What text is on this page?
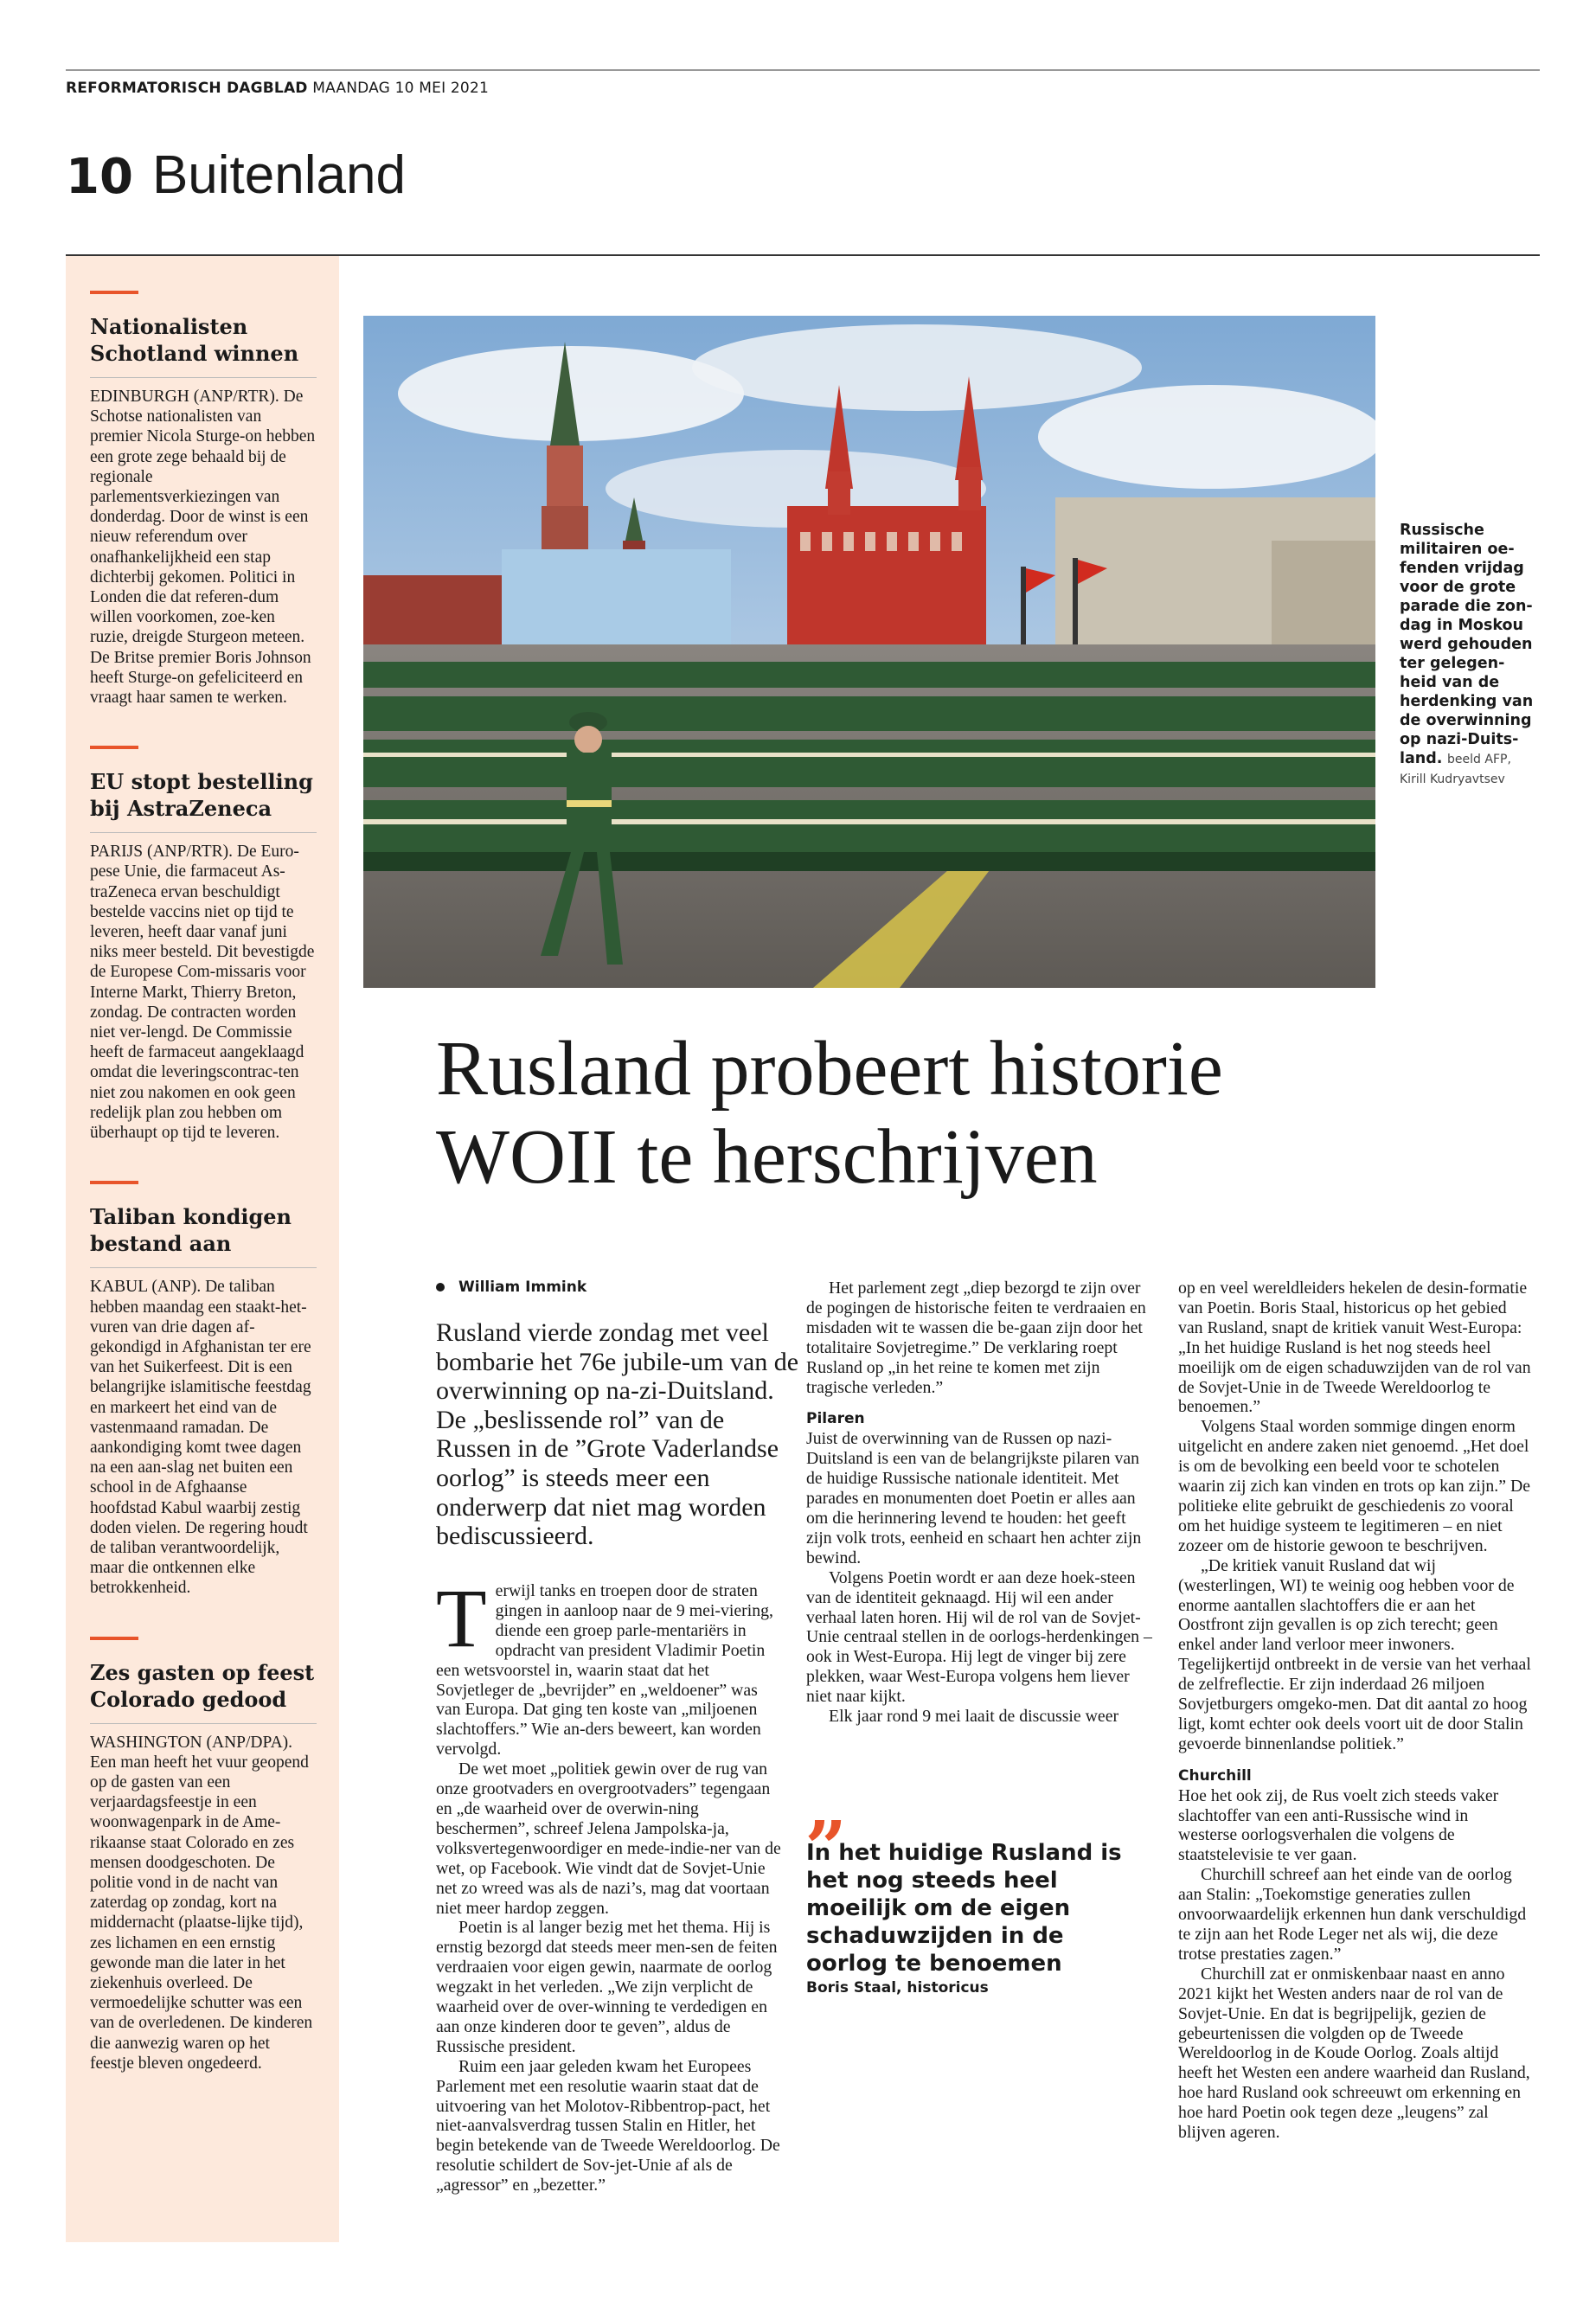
REFORMATORISCH DAGBLAD MAANDAG 10 MEI 2021
10 Buitenland
Nationalisten Schotland winnen

EDINBURGH (ANP/RTR). De Schotse nationalisten van premier Nicola Sturge-on hebben een grote zege behaald bij de regionale parlementsverkiezingen van donderdag. Door de winst is een nieuw referendum over onafhankelijkheid een stap dichterbij gekomen. Politici in Londen die dat referen-dum willen voorkomen, zoe-ken ruzie, dreigde Sturgeon meteen. De Britse premier Boris Johnson heeft Sturge-on gefeliciteerd en vraagt haar samen te werken.

EU stopt bestelling bij AstraZeneca

PARIJS (ANP/RTR). De Euro-pese Unie, die farmaceut As-traZeneca ervan beschuldigt bestelde vaccins niet op tijd te leveren, heeft daar vanaf juni niks meer besteld. Dit bevestigde de Europese Com-missaris voor Interne Markt, Thierry Breton, zondag. De contracten worden niet ver-lengd. De Commissie heeft de farmaceut aangeklaagd omdat die leveringscontrac-ten niet zou nakomen en ook geen redelijk plan zou hebben om überhaupt op tijd te leveren.

Taliban kondigen bestand aan

KABUL (ANP). De taliban hebben maandag een staakt-het-vuren van drie dagen af-gekondigd in Afghanistan ter ere van het Suikerfeest. Dit is een belangrijke islamitische feestdag en markeert het eind van de vastenmaand ramadan. De aankondiging komt twee dagen na een aan-slag net buiten een school in de Afghaanse hoofdstad Kabul waarbij zestig doden vielen. De regering houdt de taliban verantwoordelijk, maar die ontkennen elke betrokkenheid.

Zes gasten op feest Colorado gedood

WASHINGTON (ANP/DPA). Een man heeft het vuur geopend op de gasten van een verjaardagsfeestje in een woonwagenpark in de Ame-rikaanse staat Colorado en zes mensen doodgeschoten. De politie vond in de nacht van zaterdag op zondag, kort na middernacht (plaatse-lijke tijd), zes lichamen en een ernstig gewonde man die later in het ziekenhuis overleed. De vermoedelijke schutter was een van de overledenen. De kinderen die aanwezig waren op het feestje bleven ongedeerd.

Russische militairen oe-fenden vrijdag voor de grote parade die zon-dag in Moskou werd gehouden ter gelegen-heid van de herdenking van de overwinning op nazi-Duits-land. beeld AFP, Kirill Kudryavtsev
Rusland probeert historie
WOII te herschrijven
William Immink
Rusland vierde zondag met veel bombarie het 76e jubile-um van de overwinning op na-zi-Duitsland. De „beslissende rol” van de Russen in de ”Grote Vaderlandse oorlog” is steeds meer een onderwerp dat niet mag worden bediscussieerd.
T erwijl tanks en troepen door de straten gingen in aanloop naar de 9 mei-viering, diende een groep parle-mentariërs in opdracht van president Vladimir Poetin een wetsvoorstel in, waarin staat dat het Sovjetleger de „bevrijder” en „weldoener” was van Europa. Dat ging ten koste van „miljoenen slachtoffers.” Wie an-ders beweert, kan worden vervolgd.

De wet moet „politiek gewin over de rug van onze grootvaders en overgrootvaders” tegengaan en „de waarheid over de overwin-ning beschermen”, schreef Jelena Jampolska-ja, volksvertegenwoordiger en mede-indie-ner van de wet, op Facebook. Wie vindt dat de Sovjet-Unie net zo wreed was als de nazi’s, mag dat voortaan niet meer hardop zeggen.

Poetin is al langer bezig met het thema. Hij is ernstig bezorgd dat steeds meer men-sen de feiten verdraaien voor eigen gewin, naarmate de oorlog wegzakt in het verleden. „We zijn verplicht de waarheid over de over-winning te verdedigen en aan onze kinderen door te geven”, aldus de Russische president.

Ruim een jaar geleden kwam het Europees Parlement met een resolutie waarin staat dat de uitvoering van het Molotov-Ribbentrop-pact, het niet-aanvalsverdrag tussen Stalin en Hitler, het begin betekende van de Tweede Wereldoorlog. De resolutie schildert de Sov-jet-Unie af als de „agressor” en „bezetter.”

Het parlement zegt „diep bezorgd te zijn over de pogingen de historische feiten te verdraaien en misdaden wit te wassen die be-gaan zijn door het totalitaire Sovjetregime.” De verklaring roept Rusland op „in het reine te komen met zijn tragische verleden.”

Pilaren

Juist de overwinning van de Russen op nazi-Duitsland is een van de belangrijkste pilaren van de huidige Russische nationale identiteit. Met parades en monumenten doet Poetin er alles aan om die herinnering levend te houden: het geeft zijn volk trots, eenheid en schaart hen achter zijn bewind.

Volgens Poetin wordt er aan deze hoek-steen van de identiteit geknaagd. Hij wil een ander verhaal laten horen. Hij wil de rol van de Sovjet-Unie centraal stellen in de oorlogs-herdenkingen – ook in West-Europa. Hij legt de vinger bij zere plekken, waar West-Europa volgens hem liever niet naar kijkt.

Elk jaar rond 9 mei laait de discussie weer

„
In het huidige Rusland is het nog steeds heel moeilijk om de eigen schaduwzijden in de oorlog te benoemen
Boris Staal, historicus

op en veel wereldleiders hekelen de desin-formatie van Poetin. Boris Staal, historicus op het gebied van Rusland, snapt de kritiek vanuit West-Europa: „In het huidige Rusland is het nog steeds heel moeilijk om de eigen schaduwzijden van de rol van de Sovjet-Unie in de Tweede Wereldoorlog te benoemen.”

Volgens Staal worden sommige dingen enorm uitgelicht en andere zaken niet genoemd. „Het doel is om de bevolking een beeld voor te schotelen waarin zij zich kan vinden en trots op kan zijn.” De politieke elite gebruikt de geschiedenis zo vooral om het huidige systeem te legitimeren – en niet zozeer om de historie gewoon te beschrijven.

„De kritiek vanuit Rusland dat wij (westerlingen, WI) te weinig oog hebben voor de enorme aantallen slachtoffers die er aan het Oostfront zijn gevallen is op zich terecht; geen enkel ander land verloor meer inwoners. Tegelijkertijd ontbreekt in de versie van het verhaal de zelfreflectie. Er zijn inderdaad 26 miljoen Sovjetburgers omgeko-men. Dat dit aantal zo hoog ligt, komt echter ook deels voort uit de door Stalin gevoerde binnenlandse politiek.”

Churchill

Hoe het ook zij, de Rus voelt zich steeds vaker slachtoffer van een anti-Russische wind in westerse oorlogsverhalen die volgens de staatstelevisie te ver gaan.

Churchill schreef aan het einde van de oorlog aan Stalin: „Toekomstige generaties zullen onvoorwaardelijk erkennen hun dank verschuldigd te zijn aan het Rode Leger net als wij, die deze trotse prestaties zagen.”

Churchill zat er onmiskenbaar naast en anno 2021 kijkt het Westen anders naar de rol van de Sovjet-Unie. En dat is begrijpelijk, gezien de gebeurtenissen die volgden op de Tweede Wereldoorlog in de Koude Oorlog. Zoals altijd heeft het Westen een andere waarheid dan Rusland, hoe hard Rusland ook schreeuwt om erkenning en hoe hard Poetin ook tegen deze „leugens” zal blijven ageren.
